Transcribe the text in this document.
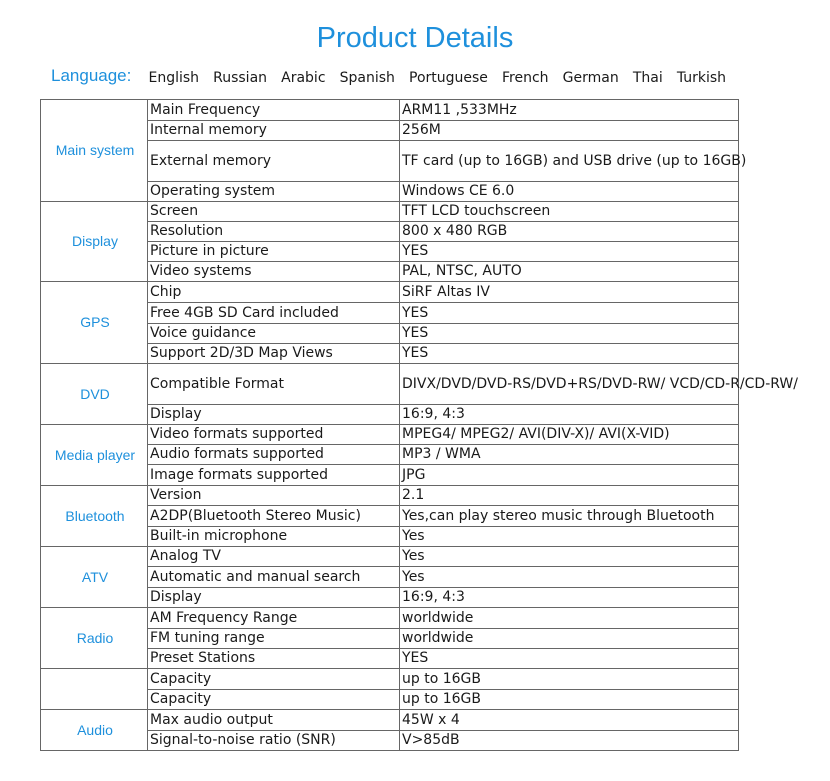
Product Details
Language: English Russian Arabic Spanish Portuguese French German Thai Turkish
Main system	Main Frequency	ARM11 ,533MHz
	Internal memory	256M
	External memory	TF card (up to 16GB) and USB drive (up to 16GB)
	Operating system	Windows CE 6.0
Display	Screen	TFT LCD touchscreen
	Resolution	800 x 480 RGB
	Picture in picture	YES
	Video systems	PAL, NTSC, AUTO
GPS	Chip	SiRF Altas IV
	Free 4GB SD Card included	YES
	Voice guidance	YES
	Support 2D/3D Map Views	YES
DVD	Compatible Format	DIVX/DVD/DVD-RS/DVD+RS/DVD-RW/ VCD/CD-R/CD-RW/
	Display	16:9, 4:3
Media player	Video formats supported	MPEG4/ MPEG2/ AVI(DIV-X)/ AVI(X-VID)
	Audio formats supported	MP3 / WMA
	Image formats supported	JPG
Bluetooth	Version	2.1
	A2DP(Bluetooth Stereo Music)	Yes,can play stereo music through Bluetooth
	Built-in microphone	Yes
ATV	Analog TV	Yes
	Automatic and manual search	Yes
	Display	16:9, 4:3
Radio	AM Frequency Range	worldwide
	FM tuning range	worldwide
	Preset Stations	YES
	Capacity	up to 16GB
	Capacity	up to 16GB
Audio	Max audio output	45W x 4
	Signal-to-noise ratio (SNR)	V>85dB
